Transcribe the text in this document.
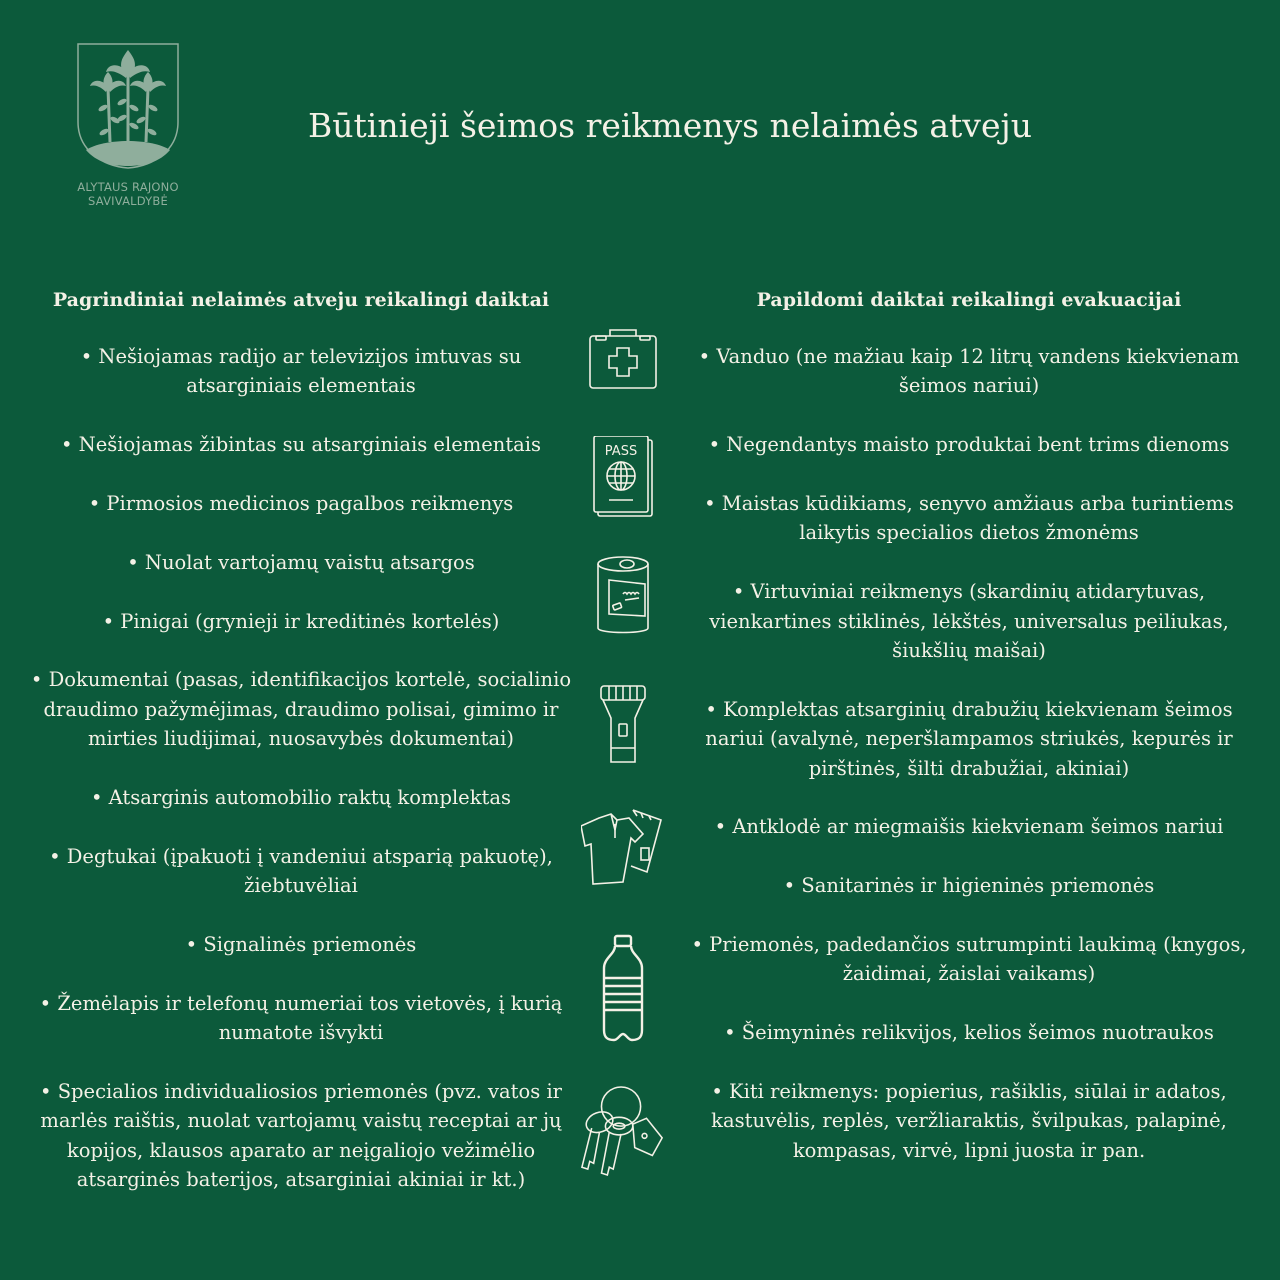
ALYTAUS RAJONO
SAVIVALDYBĖ
Būtinieji šeimos reikmenys nelaimės atveju
Pagrindiniai nelaimės atveju reikalingi daiktai

• Nešiojamas radijo ar televizijos imtuvas su atsarginiais elementais

• Nešiojamas žibintas su atsarginiais elementais

• Pirmosios medicinos pagalbos reikmenys

• Nuolat vartojamų vaistų atsargos

• Pinigai (grynieji ir kreditinės kortelės)

• Dokumentai (pasas, identifikacijos kortelė, socialinio draudimo pažymėjimas, draudimo polisai, gimimo ir mirties liudijimai, nuosavybės dokumentai)

• Atsarginis automobilio raktų komplektas

• Degtukai (įpakuoti į vandeniui atsparią pakuotę), žiebtuvėliai

• Signalinės priemonės

• Žemėlapis ir telefonų numeriai tos vietovės, į kurią numatote išvykti

• Specialios individualiosios priemonės (pvz. vatos ir marlės raištis, nuolat vartojamų vaistų receptai ar jų kopijos, klausos aparato ar neįgaliojo vežimėlio atsarginės baterijos, atsarginiai akiniai ir kt.)

Papildomi daiktai reikalingi evakuacijai

• Vanduo (ne mažiau kaip 12 litrų vandens kiekvienam šeimos nariui)

• Negendantys maisto produktai bent trims dienoms

• Maistas kūdikiams, senyvo amžiaus arba turintiems laikytis specialios dietos žmonėms

• Virtuviniai reikmenys (skardinių atidarytuvas, vienkartines stiklinės, lėkštės, universalus peiliukas, šiukšlių maišai)

• Komplektas atsarginių drabužių kiekvienam šeimos nariui (avalynė, neperšlampamos striukės, kepurės ir pirštinės, šilti drabužiai, akiniai)

• Antklodė ar miegmaišis kiekvienam šeimos nariui

• Sanitarinės ir higieninės priemonės

• Priemonės, padedančios sutrumpinti laukimą (knygos, žaidimai, žaislai vaikams)

• Šeimyninės relikvijos, kelios šeimos nuotraukos

• Kiti reikmenys: popierius, rašiklis, siūlai ir adatos, kastuvėlis, replės, veržliaraktis, švilpukas, palapinė, kompasas, virvė, lipni juosta ir pan.

PASS
